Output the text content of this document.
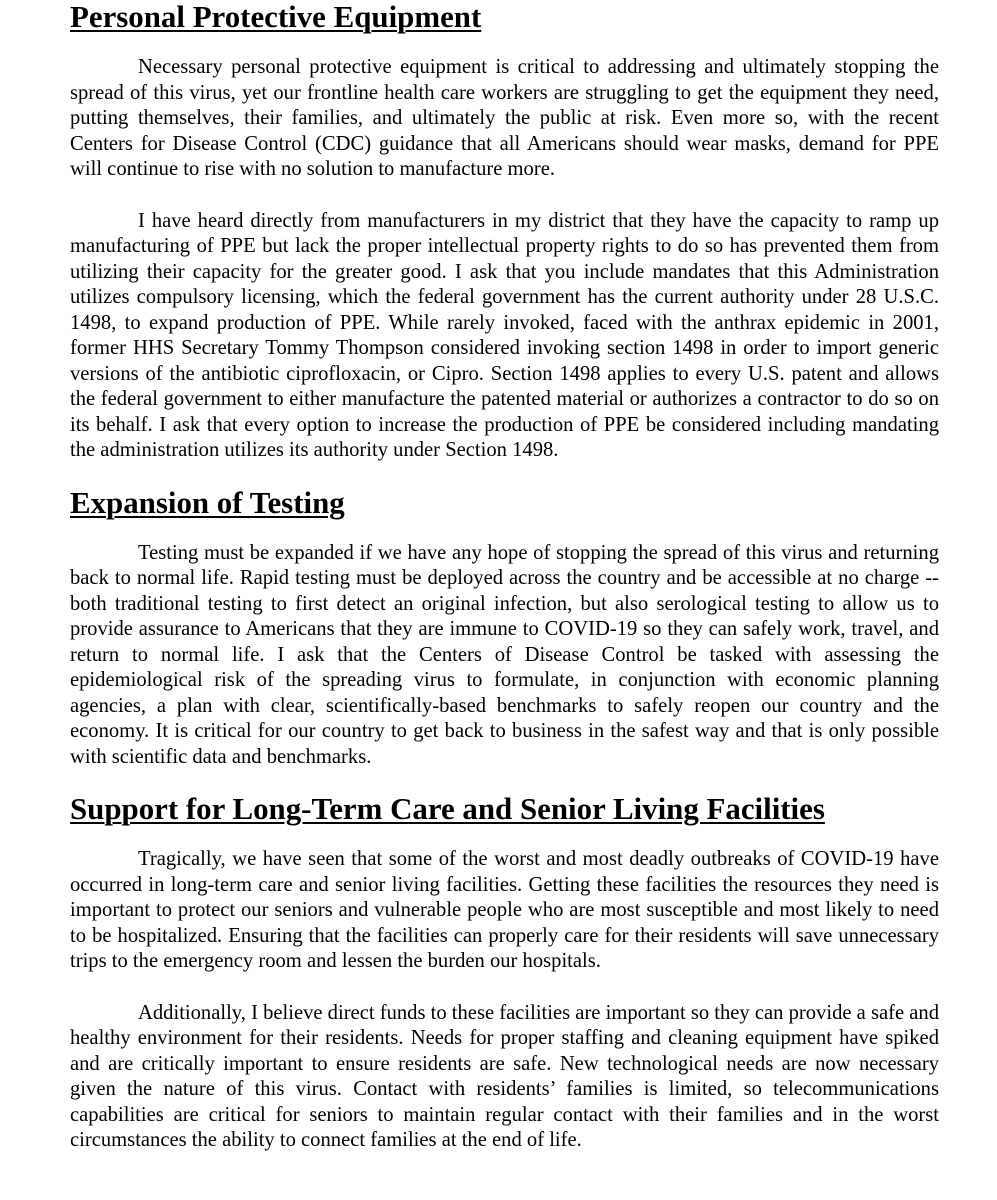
Personal Protective Equipment

Necessary personal protective equipment is critical to addressing and ultimately stopping the spread of this virus, yet our frontline health care workers are struggling to get the equipment they need, putting themselves, their families, and ultimately the public at risk. Even more so, with the recent Centers for Disease Control (CDC) guidance that all Americans should wear masks, demand for PPE will continue to rise with no solution to manufacture more.

I have heard directly from manufacturers in my district that they have the capacity to ramp up manufacturing of PPE but lack the proper intellectual property rights to do so has prevented them from utilizing their capacity for the greater good. I ask that you include mandates that this Administration utilizes compulsory licensing, which the federal government has the current authority under 28 U.S.C. 1498, to expand production of PPE. While rarely invoked, faced with the anthrax epidemic in 2001, former HHS Secretary Tommy Thompson considered invoking section 1498 in order to import generic versions of the antibiotic ciprofloxacin, or Cipro. Section 1498 applies to every U.S. patent and allows the federal government to either manufacture the patented material or authorizes a contractor to do so on its behalf. I ask that every option to increase the production of PPE be considered including mandating the administration utilizes its authority under Section 1498.

Expansion of Testing

Testing must be expanded if we have any hope of stopping the spread of this virus and returning back to normal life. Rapid testing must be deployed across the country and be accessible at no charge -- both traditional testing to first detect an original infection, but also serological testing to allow us to provide assurance to Americans that they are immune to COVID-19 so they can safely work, travel, and return to normal life. I ask that the Centers of Disease Control be tasked with assessing the epidemiological risk of the spreading virus to formulate, in conjunction with economic planning agencies, a plan with clear, scientifically-based benchmarks to safely reopen our country and the economy. It is critical for our country to get back to business in the safest way and that is only possible with scientific data and benchmarks.

Support for Long-Term Care and Senior Living Facilities

Tragically, we have seen that some of the worst and most deadly outbreaks of COVID-19 have occurred in long-term care and senior living facilities. Getting these facilities the resources they need is important to protect our seniors and vulnerable people who are most susceptible and most likely to need to be hospitalized. Ensuring that the facilities can properly care for their residents will save unnecessary trips to the emergency room and lessen the burden our hospitals.

Additionally, I believe direct funds to these facilities are important so they can provide a safe and healthy environment for their residents. Needs for proper staffing and cleaning equipment have spiked and are critically important to ensure residents are safe. New technological needs are now necessary given the nature of this virus. Contact with residents’ families is limited, so telecommunications capabilities are critical for seniors to maintain regular contact with their families and in the worst circumstances the ability to connect families at the end of life.
